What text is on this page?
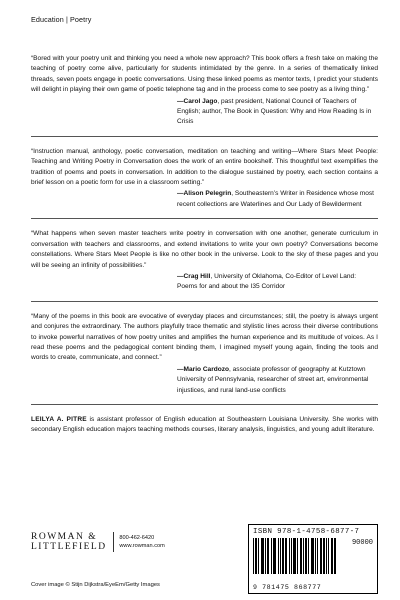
Education | Poetry

“Bored with your poetry unit and thinking you need a whole new approach? This book offers a fresh take on making the teaching of poetry come alive, particularly for students intimidated by the genre. In a series of thematically linked threads, seven poets engage in poetic conversations. Using these linked poems as mentor texts, I predict your students will delight in playing their own game of poetic telephone tag and in the process come to see poetry as a living thing.”

—Carol Jago, past president, National Council of Teachers of English; author, The Book in Question: Why and How Reading Is in Crisis

“Instruction manual, anthology, poetic conversation, meditation on teaching and writing—Where Stars Meet People: Teaching and Writing Poetry in Conversation does the work of an entire bookshelf. This thoughtful text exemplifies the tradition of poems and poets in conversation. In addition to the dialogue sustained by poetry, each section contains a brief lesson on a poetic form for use in a classroom setting.”

—Alison Pelegrin, Southeastern’s Writer in Residence whose most recent collections are Waterlines and Our Lady of Bewilderment

“What happens when seven master teachers write poetry in conversation with one another, generate curriculum in conversation with teachers and classrooms, and extend invitations to write your own poetry? Conversations become constellations. Where Stars Meet People is like no other book in the universe. Look to the sky of these pages and you will be seeing an infinity of possibilities.”

—Crag Hill, University of Oklahoma, Co-Editor of Level Land: Poems for and about the I35 Corridor

“Many of the poems in this book are evocative of everyday places and circumstances; still, the poetry is always urgent and conjures the extraordinary. The authors playfully trace thematic and stylistic lines across their diverse contributions to invoke powerful narratives of how poetry unites and amplifies the human experience and its multitude of voices. As I read these poems and the pedagogical content binding them, I imagined myself young again, finding the tools and words to create, communicate, and connect.”

—Mario Cardozo, associate professor of geography at Kutztown University of Pennsylvania, researcher of street art, environmental injustices, and rural land-use conflicts

LEILYA A. PITRE is assistant professor of English education at Southeastern Louisiana University. She works with secondary English education majors teaching methods courses, literary analysis, linguistics, and young adult literature.

ROWMAN &
LITTLEFIELD
800-462-6420
www.rowman.com
Cover image © Stijn Dijkstra/EyeEm/Getty Images
ISBN 978-1-4758-6877-7
90000
9 781475 868777
